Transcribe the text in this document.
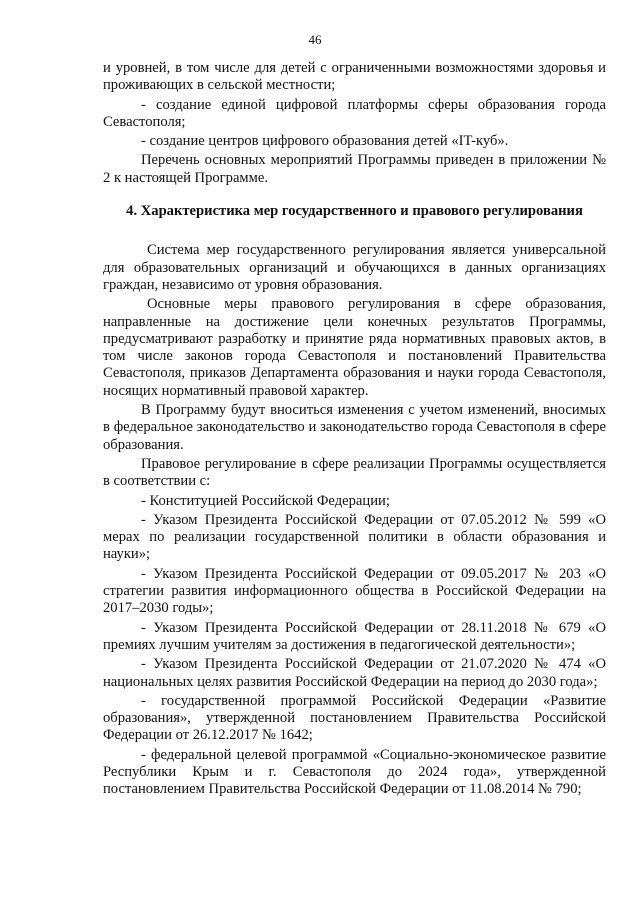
46

и уровней, в том числе для детей с ограниченными возможностями здоровья и проживающих в сельской местности;

- создание единой цифровой платформы сферы образования города Севастополя;

- создание центров цифрового образования детей «IT-куб».

Перечень основных мероприятий Программы приведен в приложении № 2 к настоящей Программе.

4. Характеристика мер государственного и правового регулирования

Система мер государственного регулирования является универсальной для образовательных организаций и обучающихся в данных организациях граждан, независимо от уровня образования.

Основные меры правового регулирования в сфере образования, направленные на достижение цели конечных результатов Программы, предусматривают разработку и принятие ряда нормативных правовых актов, в том числе законов города Севастополя и постановлений Правительства Севастополя, приказов Департамента образования и науки города Севастополя, носящих нормативный правовой характер.

В Программу будут вноситься изменения с учетом изменений, вносимых в федеральное законодательство и законодательство города Севастополя в сфере образования.

Правовое регулирование в сфере реализации Программы осуществляется в соответствии с:

- Конституцией Российской Федерации;

- Указом Президента Российской Федерации от 07.05.2012 № 599 «О мерах по реализации государственной политики в области образования и науки»;

- Указом Президента Российской Федерации от 09.05.2017 № 203 «О стратегии развития информационного общества в Российской Федерации на 2017–2030 годы»;

- Указом Президента Российской Федерации от 28.11.2018 № 679 «О премиях лучшим учителям за достижения в педагогической деятельности»;

- Указом Президента Российской Федерации от 21.07.2020 № 474 «О национальных целях развития Российской Федерации на период до 2030 года»;

- государственной программой Российской Федерации «Развитие образования», утвержденной постановлением Правительства Российской Федерации от 26.12.2017 № 1642;

- федеральной целевой программой «Социально-экономическое развитие Республики Крым и г. Севастополя до 2024 года», утвержденной постановлением Правительства Российской Федерации от 11.08.2014 № 790;
